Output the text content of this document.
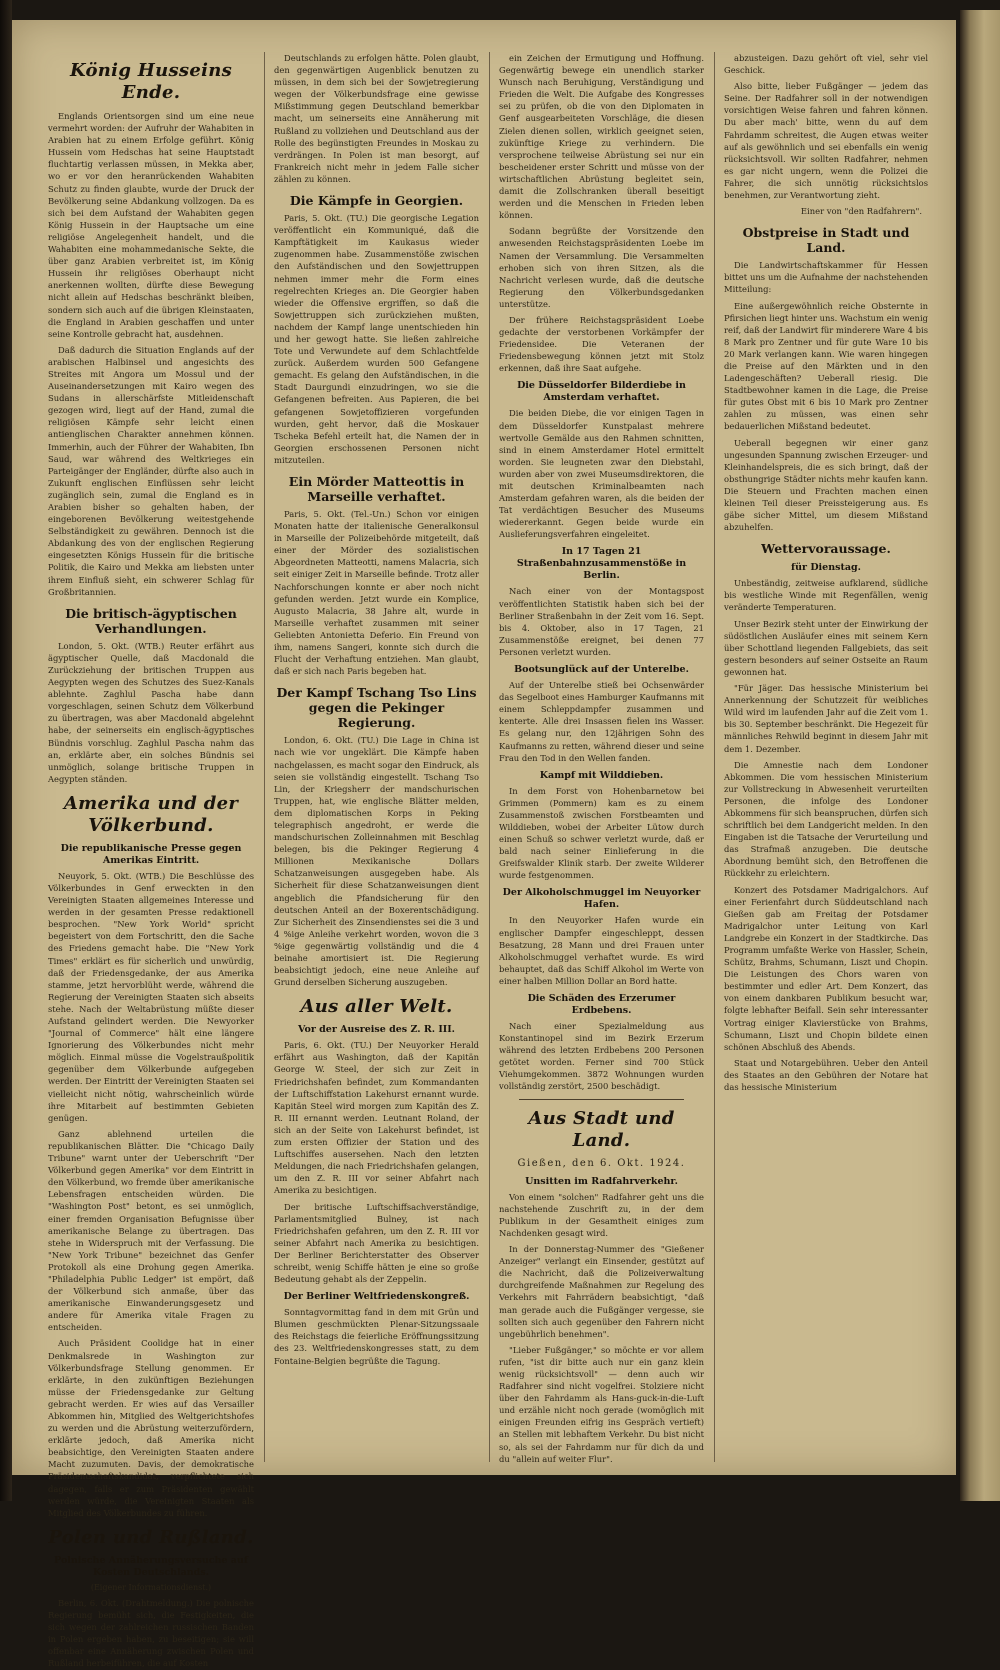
König Husseins Ende.

Englands Orientsorgen sind um eine neue vermehrt worden: der Aufruhr der Wahabiten in Arabien hat zu einem Erfolge geführt. König Hussein vom Hedschas hat seine Hauptstadt fluchtartig verlassen müssen, in Mekka aber, wo er vor den heranrückenden Wahabiten Schutz zu finden glaubte, wurde der Druck der Bevölkerung seine Abdankung vollzogen. Da es sich bei dem Aufstand der Wahabiten gegen König Hussein in der Hauptsache um eine religiöse Angelegenheit handelt, und die Wahabiten eine mohammedanische Sekte, die über ganz Arabien verbreitet ist, im König Hussein ihr religiöses Oberhaupt nicht anerkennen wollten, dürfte diese Bewegung nicht allein auf Hedschas beschränkt bleiben, sondern sich auch auf die übrigen Kleinstaaten, die England in Arabien geschaffen und unter seine Kontrolle gebracht hat, ausdehnen.

Daß dadurch die Situation Englands auf der arabischen Halbinsel und angesichts des Streites mit Angora um Mossul und der Auseinandersetzungen mit Kairo wegen des Sudans in allerschärfste Mitleidenschaft gezogen wird, liegt auf der Hand, zumal die religiösen Kämpfe sehr leicht einen antienglischen Charakter annehmen können. Immerhin, auch der Führer der Wahabiten, Ibn Saud, war während des Weltkrieges ein Parteigänger der Engländer, dürfte also auch in Zukunft englischen Einflüssen sehr leicht zugänglich sein, zumal die England es in Arabien bisher so gehalten haben, der eingeborenen Bevölkerung weitestgehende Selbständigkeit zu gewähren. Dennoch ist die Abdankung des von der englischen Regierung eingesetzten Königs Hussein für die britische Politik, die Kairo und Mekka am liebsten unter ihrem Einfluß sieht, ein schwerer Schlag für Großbritannien.

Die britisch-ägyptischen Verhandlungen.

London, 5. Okt. (WTB.) Reuter erfährt aus ägyptischer Quelle, daß Macdonald die Zurückziehung der britischen Truppen aus Aegypten wegen des Schutzes des Suez-Kanals ablehnte. Zaghlul Pascha habe dann vorgeschlagen, seinen Schutz dem Völkerbund zu übertragen, was aber Macdonald abgelehnt habe, der seinerseits ein englisch-ägyptisches Bündnis vorschlug. Zaghlul Pascha nahm das an, erklärte aber, ein solches Bündnis sei unmöglich, solange britische Truppen in Aegypten ständen.

Amerika und der Völkerbund.
Die republikanische Presse gegen Amerikas Eintritt.

Neuyork, 5. Okt. (WTB.) Die Beschlüsse des Völkerbundes in Genf erweckten in den Vereinigten Staaten allgemeines Interesse und werden in der gesamten Presse redaktionell besprochen. "New York World" spricht begeistert von dem Fortschritt, den die Sache des Friedens gemacht habe. Die "New York Times" erklärt es für sicherlich und unwürdig, daß der Friedensgedanke, der aus Amerika stamme, jetzt hervorblüht werde, während die Regierung der Vereinigten Staaten sich abseits stehe. Nach der Weltabrüstung müßte dieser Aufstand gelindert werden. Die Newyorker "Journal of Commerce" hält eine längere Ignorierung des Völkerbundes nicht mehr möglich. Einmal müsse die Vogelstraußpolitik gegenüber dem Völkerbunde aufgegeben werden. Der Eintritt der Vereinigten Staaten sei vielleicht nicht nötig, wahrscheinlich würde ihre Mitarbeit auf bestimmten Gebieten genügen.

Ganz ablehnend urteilen die republikanischen Blätter. Die "Chicago Daily Tribune" warnt unter der Ueberschrift "Der Völkerbund gegen Amerika" vor dem Eintritt in den Völkerbund, wo fremde über amerikanische Lebensfragen entscheiden würden. Die "Washington Post" betont, es sei unmöglich, einer fremden Organisation Befugnisse über amerikanische Belange zu übertragen. Das stehe in Widerspruch mit der Verfassung. Die "New York Tribune" bezeichnet das Genfer Protokoll als eine Drohung gegen Amerika. "Philadelphia Public Ledger" ist empört, daß der Völkerbund sich anmaße, über das amerikanische Einwanderungsgesetz und andere für Amerika vitale Fragen zu entscheiden.

Auch Präsident Coolidge hat in einer Denkmalsrede in Washington zur Völkerbundsfrage Stellung genommen. Er erklärte, in den zukünftigen Beziehungen müsse der Friedensgedanke zur Geltung gebracht werden. Er wies auf das Versailler Abkommen hin, Mitglied des Weltgerichtshofes zu werden und die Abrüstung weiterzufördern, erklärte jedoch, daß Amerika nicht beabsichtige, den Vereinigten Staaten andere Macht zuzumuten. Davis, der demokratische Präsidentschaftskandidat, verpflichtete sich dagegen, falls er zum Präsidenten gewählt werden würde, die Vereinigten Staaten als Mitglied des Völkerbundes zu führen.

Polen und Rußland.
Polnische Annäherungsversuche auf Kosten Deutschlands.
(Eigener Informationsdienst.)

Berlin, 6. Okt. (Drahtmeldung.) Die polnische Regierung bemüht sich, die Festigkeiten, die sich wegen der zahlreichen russischen Banden in Polen ergeben haben, zu beseitigen; sie will offenbar eine Annäherung zwischen Polen und Rußland herbeiführen, die auf Kosten

Deutschlands zu erfolgen hätte. Polen glaubt, den gegenwärtigen Augenblick benutzen zu müssen, in dem sich bei der Sowjetregierung wegen der Völkerbundsfrage eine gewisse Mißstimmung gegen Deutschland bemerkbar macht, um seinerseits eine Annäherung mit Rußland zu vollziehen und Deutschland aus der Rolle des begünstigten Freundes in Moskau zu verdrängen. In Polen ist man besorgt, auf Frankreich nicht mehr in jedem Falle sicher zählen zu können.

Die Kämpfe in Georgien.

Paris, 5. Okt. (TU.) Die georgische Legation veröffentlicht ein Kommuniqué, daß die Kampftätigkeit im Kaukasus wieder zugenommen habe. Zusammenstöße zwischen den Aufständischen und den Sowjettruppen nehmen immer mehr die Form eines regelrechten Krieges an. Die Georgier haben wieder die Offensive ergriffen, so daß die Sowjettruppen sich zurückziehen mußten, nachdem der Kampf lange unentschieden hin und her gewogt hatte. Sie ließen zahlreiche Tote und Verwundete auf dem Schlachtfelde zurück. Außerdem wurden 500 Gefangene gemacht. Es gelang den Aufständischen, in die Stadt Daurgundi einzudringen, wo sie die Gefangenen befreiten. Aus Papieren, die bei gefangenen Sowjetoffizieren vorgefunden wurden, geht hervor, daß die Moskauer Tscheka Befehl erteilt hat, die Namen der in Georgien erschossenen Personen nicht mitzuteilen.

Ein Mörder Matteottis in Marseille verhaftet.

Paris, 5. Okt. (Tel.-Un.) Schon vor einigen Monaten hatte der italienische Generalkonsul in Marseille der Polizeibehörde mitgeteilt, daß einer der Mörder des sozialistischen Abgeordneten Matteotti, namens Malacria, sich seit einiger Zeit in Marseille befinde. Trotz aller Nachforschungen konnte er aber noch nicht gefunden werden. Jetzt wurde ein Komplice, Augusto Malacria, 38 Jahre alt, wurde in Marseille verhaftet zusammen mit seiner Geliebten Antonietta Deferio. Ein Freund von ihm, namens Sangeri, konnte sich durch die Flucht der Verhaftung entziehen. Man glaubt, daß er sich nach Paris begeben hat.

Der Kampf Tschang Tso Lins gegen die Pekinger Regierung.

London, 6. Okt. (TU.) Die Lage in China ist nach wie vor ungeklärt. Die Kämpfe haben nachgelassen, es macht sogar den Eindruck, als seien sie vollständig eingestellt. Tschang Tso Lin, der Kriegsherr der mandschurischen Truppen, hat, wie englische Blätter melden, dem diplomatischen Korps in Peking telegraphisch angedroht, er werde die mandschurischen Zolleinnahmen mit Beschlag belegen, bis die Pekinger Regierung 4 Millionen Mexikanische Dollars Schatzanweisungen ausgegeben habe. Als Sicherheit für diese Schatzanweisungen dient angeblich die Pfandsicherung für den deutschen Anteil an der Boxerentschädigung. Zur Sicherheit des Zinsendienstes sei die 3 und 4 %ige Anleihe verkehrt worden, wovon die 3 %ige gegenwärtig vollständig und die 4 beinahe amortisiert ist. Die Regierung beabsichtigt jedoch, eine neue Anleihe auf Grund derselben Sicherung auszugeben.

Aus aller Welt.
Vor der Ausreise des Z. R. III.

Paris, 6. Okt. (TU.) Der Neuyorker Herald erfährt aus Washington, daß der Kapitän George W. Steel, der sich zur Zeit in Friedrichshafen befindet, zum Kommandanten der Luftschiffstation Lakehurst ernannt wurde. Kapitän Steel wird morgen zum Kapitän des Z. R. III ernannt werden. Leutnant Roland, der sich an der Seite von Lakehurst befindet, ist zum ersten Offizier der Station und des Luftschiffes ausersehen. Nach den letzten Meldungen, die nach Friedrichshafen gelangen, um den Z. R. III vor seiner Abfahrt nach Amerika zu besichtigen.

Der britische Luftschiffsachverständige, Parlamentsmitglied Bulney, ist nach Friedrichshafen gefahren, um den Z. R. III vor seiner Abfahrt nach Amerika zu besichtigen. Der Berliner Berichterstatter des Observer schreibt, wenig Schiffe hätten je eine so große Bedeutung gehabt als der Zeppelin.

Der Berliner Weltfriedenskongreß.

Sonntagvormittag fand in dem mit Grün und Blumen geschmückten Plenar-Sitzungssaale des Reichstags die feierliche Eröffnungssitzung des 23. Weltfriedenskongresses statt, zu dem Fontaine-Belgien begrüßte die Tagung.

ein Zeichen der Ermutigung und Hoffnung. Gegenwärtig bewege ein unendlich starker Wunsch nach Beruhigung, Verständigung und Frieden die Welt. Die Aufgabe des Kongresses sei zu prüfen, ob die von den Diplomaten in Genf ausgearbeiteten Vorschläge, die diesen Zielen dienen sollen, wirklich geeignet seien, zukünftige Kriege zu verhindern. Die versprochene teilweise Abrüstung sei nur ein bescheidener erster Schritt und müsse von der wirtschaftlichen Abrüstung begleitet sein, damit die Zollschranken überall beseitigt werden und die Menschen in Frieden leben können.

Sodann begrüßte der Vorsitzende den anwesenden Reichstagspräsidenten Loebe im Namen der Versammlung. Die Versammelten erhoben sich von ihren Sitzen, als die Nachricht verlesen wurde, daß die deutsche Regierung den Völkerbundsgedanken unterstütze.

Der frühere Reichstagspräsident Loebe gedachte der verstorbenen Vorkämpfer der Friedensidee. Die Veteranen der Friedensbewegung können jetzt mit Stolz erkennen, daß ihre Saat aufgehe.

Die Düsseldorfer Bilderdiebe in Amsterdam verhaftet.

Die beiden Diebe, die vor einigen Tagen in dem Düsseldorfer Kunstpalast mehrere wertvolle Gemälde aus den Rahmen schnitten, sind in einem Amsterdamer Hotel ermittelt worden. Sie leugneten zwar den Diebstahl, wurden aber von zwei Museumsdirektoren, die mit deutschen Kriminalbeamten nach Amsterdam gefahren waren, als die beiden der Tat verdächtigen Besucher des Museums wiedererkannt. Gegen beide wurde ein Auslieferungsverfahren eingeleitet.

In 17 Tagen 21 Straßenbahnzusammenstöße in Berlin.

Nach einer von der Montagspost veröffentlichten Statistik haben sich bei der Berliner Straßenbahn in der Zeit vom 16. Sept. bis 4. Oktober, also in 17 Tagen, 21 Zusammenstöße ereignet, bei denen 77 Personen verletzt wurden.

Bootsunglück auf der Unterelbe.

Auf der Unterelbe stieß bei Ochsenwärder das Segelboot eines Hamburger Kaufmanns mit einem Schleppdampfer zusammen und kenterte. Alle drei Insassen fielen ins Wasser. Es gelang nur, den 12jährigen Sohn des Kaufmanns zu retten, während dieser und seine Frau den Tod in den Wellen fanden.

Kampf mit Wilddieben.

In dem Forst von Hohenbarnetow bei Grimmen (Pommern) kam es zu einem Zusammenstoß zwischen Forstbeamten und Wilddieben, wobei der Arbeiter Lütow durch einen Schuß so schwer verletzt wurde, daß er bald nach seiner Einlieferung in die Greifswalder Klinik starb. Der zweite Wilderer wurde festgenommen.

Der Alkoholschmuggel im Neuyorker Hafen.

In den Neuyorker Hafen wurde ein englischer Dampfer eingeschleppt, dessen Besatzung, 28 Mann und drei Frauen unter Alkoholschmuggel verhaftet wurde. Es wird behauptet, daß das Schiff Alkohol im Werte von einer halben Million Dollar an Bord hatte.

Die Schäden des Erzerumer Erdbebens.

Nach einer Spezialmeldung aus Konstantinopel sind im Bezirk Erzerum während des letzten Erdbebens 200 Personen getötet worden. Ferner sind 700 Stück Viehumgekommen. 3872 Wohnungen wurden vollständig zerstört, 2500 beschädigt.

Aus Stadt und Land.
Gießen, den 6. Okt. 1924.
Unsitten im Radfahrverkehr.

Von einem "solchen" Radfahrer geht uns die nachstehende Zuschrift zu, in der dem Publikum in der Gesamtheit einiges zum Nachdenken gesagt wird.

In der Donnerstag-Nummer des "Gießener Anzeiger" verlangt ein Einsender, gestützt auf die Nachricht, daß die Polizeiverwaltung durchgreifende Maßnahmen zur Regelung des Verkehrs mit Fahrrädern beabsichtigt, "daß man gerade auch die Fußgänger vergesse, sie sollten sich auch gegenüber den Fahrern nicht ungebührlich benehmen".

"Lieber Fußgänger," so möchte er vor allem rufen, "ist dir bitte auch nur ein ganz klein wenig rücksichtsvoll" — denn auch wir Radfahrer sind nicht vogelfrei. Stolziere nicht über den Fahrdamm als Hans-guck-in-die-Luft und erzähle nicht noch gerade (womöglich mit einigen Freunden eifrig ins Gespräch vertieft) an Stellen mit lebhaftem Verkehr. Du bist nicht so, als sei der Fahrdamm nur für dich da und du "allein auf weiter Flur".

abzusteigen. Dazu gehört oft viel, sehr viel Geschick.

Also bitte, lieber Fußgänger — jedem das Seine. Der Radfahrer soll in der notwendigen vorsichtigen Weise fahren und fahren können. Du aber mach' bitte, wenn du auf dem Fahrdamm schreitest, die Augen etwas weiter auf als gewöhnlich und sei ebenfalls ein wenig rücksichtsvoll. Wir sollten Radfahrer, nehmen es gar nicht ungern, wenn die Polizei die Fahrer, die sich unnötig rücksichtslos benehmen, zur Verantwortung zieht.

Einer von "den Radfahrern".
Obstpreise in Stadt und Land.

Die Landwirtschaftskammer für Hessen bittet uns um die Aufnahme der nachstehenden Mitteilung:

Eine außergewöhnlich reiche Obsternte in Pfirsichen liegt hinter uns. Wachstum ein wenig reif, daß der Landwirt für minderere Ware 4 bis 8 Mark pro Zentner und für gute Ware 10 bis 20 Mark verlangen kann. Wie waren hingegen die Preise auf den Märkten und in den Ladengeschäften? Ueberall riesig. Die Stadtbewohner kamen in die Lage, die Preise für gutes Obst mit 6 bis 10 Mark pro Zentner zahlen zu müssen, was einen sehr bedauerlichen Mißstand bedeutet.

Ueberall begegnen wir einer ganz ungesunden Spannung zwischen Erzeuger- und Kleinhandelspreis, die es sich bringt, daß der obsthungrige Städter nichts mehr kaufen kann. Die Steuern und Frachten machen einen kleinen Teil dieser Preissteigerung aus. Es gäbe sicher Mittel, um diesem Mißstand abzuhelfen.

Wettervoraussage.
für Dienstag.

Unbeständig, zeitweise aufklarend, südliche bis westliche Winde mit Regenfällen, wenig veränderte Temperaturen.

Unser Bezirk steht unter der Einwirkung der südöstlichen Ausläufer eines mit seinem Kern über Schottland liegenden Fallgebiets, das seit gestern besonders auf seiner Ostseite an Raum gewonnen hat.

"Für Jäger. Das hessische Ministerium bei Annerkennung der Schutzzeit für weibliches Wild wird im laufenden Jahr auf die Zeit vom 1. bis 30. September beschränkt. Die Hegezeit für männliches Rehwild beginnt in diesem Jahr mit dem 1. Dezember.

Die Amnestie nach dem Londoner Abkommen. Die vom hessischen Ministerium zur Vollstreckung in Abwesenheit verurteilten Personen, die infolge des Londoner Abkommens für sich beanspruchen, dürfen sich schriftlich bei dem Landgericht melden. In den Eingaben ist die Tatsache der Verurteilung und das Strafmaß anzugeben. Die deutsche Abordnung bemüht sich, den Betroffenen die Rückkehr zu erleichtern.

Konzert des Potsdamer Madrigalchors. Auf einer Ferienfahrt durch Süddeutschland nach Gießen gab am Freitag der Potsdamer Madrigalchor unter Leitung von Karl Landgrebe ein Konzert in der Stadtkirche. Das Programm umfaßte Werke von Hassler, Schein, Schütz, Brahms, Schumann, Liszt und Chopin. Die Leistungen des Chors waren von bestimmter und edler Art. Dem Konzert, das von einem dankbaren Publikum besucht war, folgte lebhafter Beifall. Sein sehr interessanter Vortrag einiger Klavierstücke von Brahms, Schumann, Liszt und Chopin bildete einen schönen Abschluß des Abends.

Staat und Notargebühren. Ueber den Anteil des Staates an den Gebühren der Notare hat das hessische Ministerium
